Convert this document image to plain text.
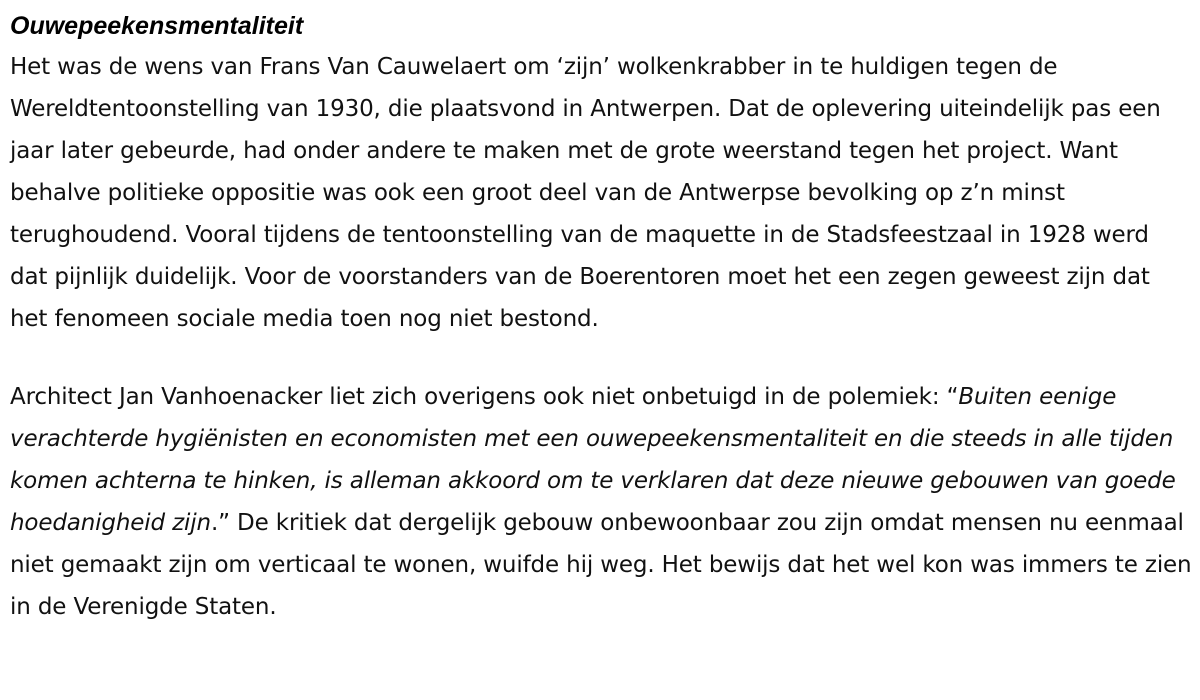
Ouwepeekensmentaliteit

Het was de wens van Frans Van Cauwelaert om ‘zijn’ wolkenkrabber in te huldigen tegen de Wereldtentoonstelling van 1930, die plaatsvond in Antwerpen. Dat de oplevering uiteindelijk pas een jaar later gebeurde, had onder andere te maken met de grote weerstand tegen het project. Want behalve politieke oppositie was ook een groot deel van de Antwerpse bevolking op z’n minst terughoudend. Vooral tijdens de tentoonstelling van de maquette in de Stadsfeestzaal in 1928 werd dat pijnlijk duidelijk. Voor de voorstanders van de Boerentoren moet het een zegen geweest zijn dat het fenomeen sociale media toen nog niet bestond.

Architect Jan Vanhoenacker liet zich overigens ook niet onbetuigd in de polemiek: “Buiten eenige verachterde hygiënisten en economisten met een ouwepeekensmentaliteit en die steeds in alle tijden komen achterna te hinken, is alleman akkoord om te verklaren dat deze nieuwe gebouwen van goede hoedanigheid zijn.” De kritiek dat dergelijk gebouw onbewoonbaar zou zijn omdat mensen nu eenmaal niet gemaakt zijn om verticaal te wonen, wuifde hij weg. Het bewijs dat het wel kon was immers te zien in de Verenigde Staten.
